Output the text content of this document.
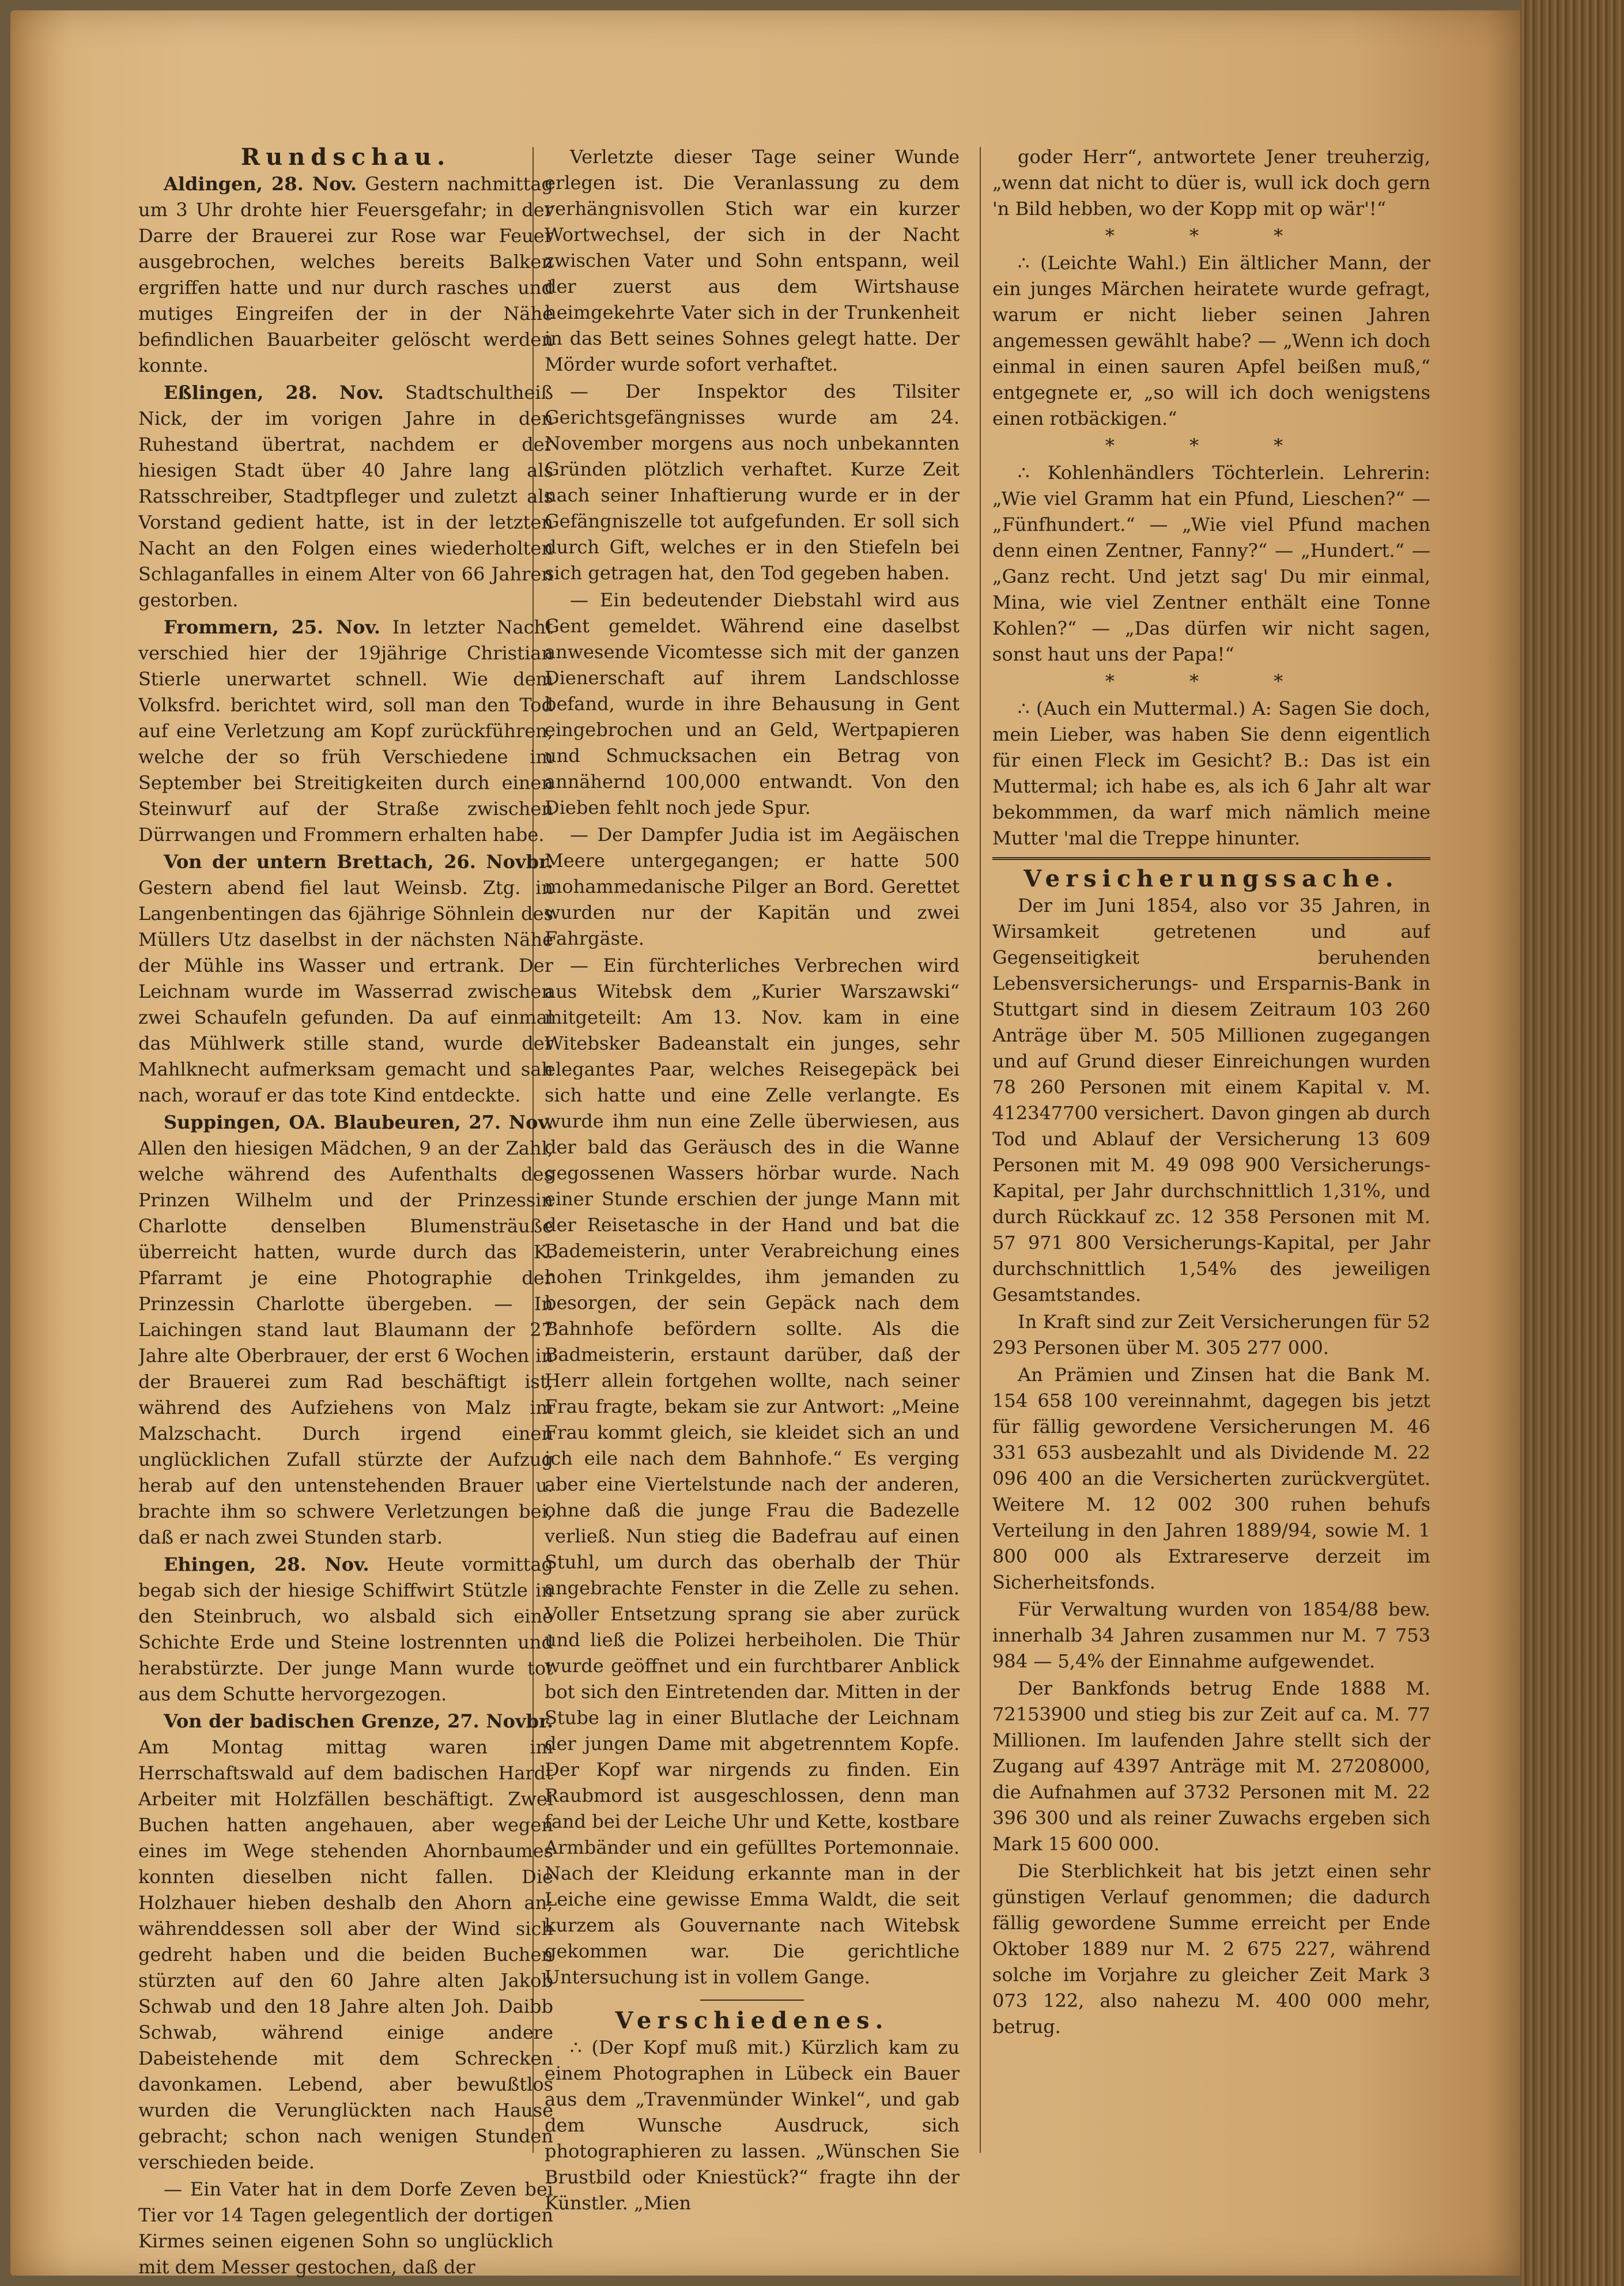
Rundschau.

Aldingen, 28. Nov. Gestern nachmittag um 3 Uhr drohte hier Feuersgefahr; in der Darre der Brauerei zur Rose war Feuer ausgebrochen, welches bereits Balken ergriffen hatte und nur durch rasches und mutiges Eingreifen der in der Nähe befindlichen Bauarbeiter gelöscht werden konnte.

Eßlingen, 28. Nov. Stadtschultheiß Nick, der im vorigen Jahre in den Ruhestand übertrat, nachdem er der hiesigen Stadt über 40 Jahre lang als Ratsschreiber, Stadtpfleger und zuletzt als Vorstand gedient hatte, ist in der letzten Nacht an den Folgen eines wiederholten Schlaganfalles in einem Alter von 66 Jahren gestorben.

Frommern, 25. Nov. In letzter Nacht verschied hier der 19jährige Christian Stierle unerwartet schnell. Wie dem Volksfrd. berichtet wird, soll man den Tod auf eine Verletzung am Kopf zurückführen, welche der so früh Verschiedene im September bei Streitigkeiten durch einen Steinwurf auf der Straße zwischen Dürrwangen und Frommern erhalten habe.

Von der untern Brettach, 26. Novbr. Gestern abend fiel laut Weinsb. Ztg. in Langenbentingen das 6jährige Söhnlein des Müllers Utz daselbst in der nächsten Nähe der Mühle ins Wasser und ertrank. Der Leichnam wurde im Wasserrad zwischen zwei Schaufeln gefunden. Da auf einmal das Mühlwerk stille stand, wurde der Mahlknecht aufmerksam gemacht und sah nach, worauf er das tote Kind entdeckte.

Suppingen, OA. Blaubeuren, 27. Nov. Allen den hiesigen Mädchen, 9 an der Zahl, welche während des Aufenthalts des Prinzen Wilhelm und der Prinzessin Charlotte denselben Blumensträuße überreicht hatten, wurde durch das K. Pfarramt je eine Photographie der Prinzessin Charlotte übergeben. — In Laichingen stand laut Blaumann der 27 Jahre alte Oberbrauer, der erst 6 Wochen in der Brauerei zum Rad beschäftigt ist, während des Aufziehens von Malz im Malzschacht. Durch irgend einen unglücklichen Zufall stürzte der Aufzug herab auf den untenstehenden Brauer u. brachte ihm so schwere Verletzungen bei, daß er nach zwei Stunden starb.

Ehingen, 28. Nov. Heute vormittag begab sich der hiesige Schiffwirt Stützle in den Steinbruch, wo alsbald sich eine Schichte Erde und Steine lostrennten und herabstürzte. Der junge Mann wurde tot aus dem Schutte hervorgezogen.

Von der badischen Grenze, 27. Novbr. Am Montag mittag waren im Herrschaftswald auf dem badischen Hardt Arbeiter mit Holzfällen beschäftigt. Zwei Buchen hatten angehauen, aber wegen eines im Wege stehenden Ahornbaumes konnten dieselben nicht fallen. Die Holzhauer hieben deshalb den Ahorn an; währenddessen soll aber der Wind sich gedreht haben und die beiden Buchen stürzten auf den 60 Jahre alten Jakob Schwab und den 18 Jahre alten Joh. Daibb Schwab, während einige andere Dabeistehende mit dem Schrecken davonkamen. Lebend, aber bewußtlos wurden die Verunglückten nach Hause gebracht; schon nach wenigen Stunden verschieden beide.

— Ein Vater hat in dem Dorfe Zeven bei Tier vor 14 Tagen gelegentlich der dortigen Kirmes seinen eigenen Sohn so unglücklich mit dem Messer gestochen, daß der

Verletzte dieser Tage seiner Wunde erlegen ist. Die Veranlassung zu dem verhängnisvollen Stich war ein kurzer Wortwechsel, der sich in der Nacht zwischen Vater und Sohn entspann, weil der zuerst aus dem Wirtshause heimgekehrte Vater sich in der Trunkenheit in das Bett seines Sohnes gelegt hatte. Der Mörder wurde sofort verhaftet.

— Der Inspektor des Tilsiter Gerichtsgefängnisses wurde am 24. November morgens aus noch unbekannten Gründen plötzlich verhaftet. Kurze Zeit nach seiner Inhaftierung wurde er in der Gefängniszelle tot aufgefunden. Er soll sich durch Gift, welches er in den Stiefeln bei sich getragen hat, den Tod gegeben haben.

— Ein bedeutender Diebstahl wird aus Gent gemeldet. Während eine daselbst anwesende Vicomtesse sich mit der ganzen Dienerschaft auf ihrem Landschlosse befand, wurde in ihre Behausung in Gent eingebrochen und an Geld, Wertpapieren und Schmucksachen ein Betrag von annähernd 100,000 entwandt. Von den Dieben fehlt noch jede Spur.

— Der Dampfer Judia ist im Aegäischen Meere untergegangen; er hatte 500 mohammedanische Pilger an Bord. Gerettet wurden nur der Kapitän und zwei Fahrgäste.

— Ein fürchterliches Verbrechen wird aus Witebsk dem „Kurier Warszawski“ mitgeteilt: Am 13. Nov. kam in eine Witebsker Badeanstalt ein junges, sehr elegantes Paar, welches Reisegepäck bei sich hatte und eine Zelle verlangte. Es wurde ihm nun eine Zelle überwiesen, aus der bald das Geräusch des in die Wanne gegossenen Wassers hörbar wurde. Nach einer Stunde erschien der junge Mann mit der Reisetasche in der Hand und bat die Bademeisterin, unter Verabreichung eines hohen Trinkgeldes, ihm jemanden zu besorgen, der sein Gepäck nach dem Bahnhofe befördern sollte. Als die Badmeisterin, erstaunt darüber, daß der Herr allein fortgehen wollte, nach seiner Frau fragte, bekam sie zur Antwort: „Meine Frau kommt gleich, sie kleidet sich an und ich eile nach dem Bahnhofe.“ Es verging aber eine Viertelstunde nach der anderen, ohne daß die junge Frau die Badezelle verließ. Nun stieg die Badefrau auf einen Stuhl, um durch das oberhalb der Thür angebrachte Fenster in die Zelle zu sehen. Voller Entsetzung sprang sie aber zurück und ließ die Polizei herbeiholen. Die Thür wurde geöffnet und ein furchtbarer Anblick bot sich den Eintretenden dar. Mitten in der Stube lag in einer Blutlache der Leichnam der jungen Dame mit abgetrenntem Kopfe. Der Kopf war nirgends zu finden. Ein Raubmord ist ausgeschlossen, denn man fand bei der Leiche Uhr und Kette, kostbare Armbänder und ein gefülltes Portemonnaie. Nach der Kleidung erkannte man in der Leiche eine gewisse Emma Waldt, die seit kurzem als Gouvernante nach Witebsk gekommen war. Die gerichtliche Untersuchung ist in vollem Gange.

Verschiedenes.

∴ (Der Kopf muß mit.) Kürzlich kam zu einem Photographen in Lübeck ein Bauer aus dem „Travenmünder Winkel“, und gab dem Wunsche Ausdruck, sich photographieren zu lassen. „Wünschen Sie Brustbild oder Kniestück?“ fragte ihn der Künstler. „Mien

goder Herr“, antwortete Jener treuherzig, „wenn dat nicht to düer is, wull ick doch gern 'n Bild hebben, wo der Kopp mit op wär'!“

* * *

∴ (Leichte Wahl.) Ein ältlicher Mann, der ein junges Märchen heiratete wurde gefragt, warum er nicht lieber seinen Jahren angemessen gewählt habe? — „Wenn ich doch einmal in einen sauren Apfel beißen muß,“ entgegnete er, „so will ich doch wenigstens einen rotbäckigen.“

* * *

∴ Kohlenhändlers Töchterlein. Lehrerin: „Wie viel Gramm hat ein Pfund, Lieschen?“ — „Fünfhundert.“ — „Wie viel Pfund machen denn einen Zentner, Fanny?“ — „Hundert.“ — „Ganz recht. Und jetzt sag' Du mir einmal, Mina, wie viel Zentner enthält eine Tonne Kohlen?“ — „Das dürfen wir nicht sagen, sonst haut uns der Papa!“

* * *

∴ (Auch ein Muttermal.) A: Sagen Sie doch, mein Lieber, was haben Sie denn eigentlich für einen Fleck im Gesicht? B.: Das ist ein Muttermal; ich habe es, als ich 6 Jahr alt war bekommmen, da warf mich nämlich meine Mutter 'mal die Treppe hinunter.

Versicherungssache.

Der im Juni 1854, also vor 35 Jahren, in Wirsamkeit getretenen und auf Gegenseitigkeit beruhenden Lebensversicherungs- und Ersparnis-Bank in Stuttgart sind in diesem Zeitraum 103 260 Anträge über M. 505 Millionen zugegangen und auf Grund dieser Einreichungen wurden 78 260 Personen mit einem Kapital v. M. 412347700 versichert. Davon gingen ab durch Tod und Ablauf der Versicherung 13 609 Personen mit M. 49 098 900 Versicherungs-Kapital, per Jahr durchschnittlich 1,31%, und durch Rückkauf zc. 12 358 Personen mit M. 57 971 800 Versicherungs-Kapital, per Jahr durchschnittlich 1,54% des jeweiligen Gesamtstandes.

In Kraft sind zur Zeit Versicherungen für 52 293 Personen über M. 305 277 000.

An Prämien und Zinsen hat die Bank M. 154 658 100 vereinnahmt, dagegen bis jetzt für fällig gewordene Versicherungen M. 46 331 653 ausbezahlt und als Dividende M. 22 096 400 an die Versicherten zurückvergütet. Weitere M. 12 002 300 ruhen behufs Verteilung in den Jahren 1889/94, sowie M. 1 800 000 als Extrareserve derzeit im Sicherheitsfonds.

Für Verwaltung wurden von 1854/88 bew. innerhalb 34 Jahren zusammen nur M. 7 753 984 — 5,4% der Einnahme aufgewendet.

Der Bankfonds betrug Ende 1888 M. 72153900 und stieg bis zur Zeit auf ca. M. 77 Millionen. Im laufenden Jahre stellt sich der Zugang auf 4397 Anträge mit M. 27208000, die Aufnahmen auf 3732 Personen mit M. 22 396 300 und als reiner Zuwachs ergeben sich Mark 15 600 000.

Die Sterblichkeit hat bis jetzt einen sehr günstigen Verlauf genommen; die dadurch fällig gewordene Summe erreicht per Ende Oktober 1889 nur M. 2 675 227, während solche im Vorjahre zu gleicher Zeit Mark 3 073 122, also nahezu M. 400 000 mehr, betrug.
